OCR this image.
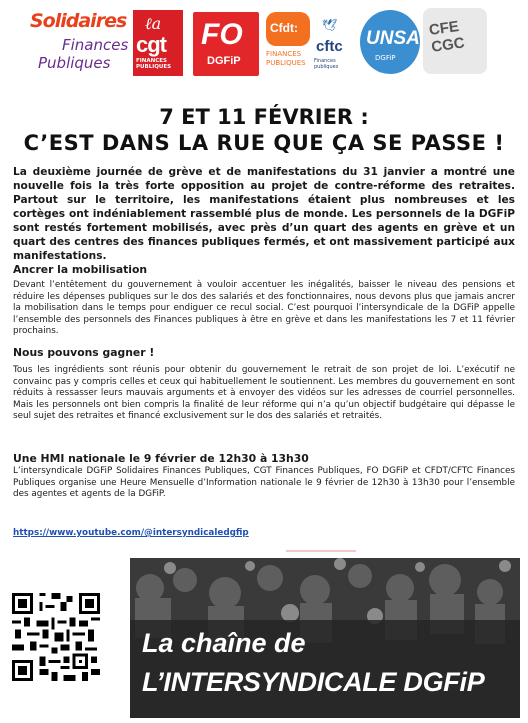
Solidaires
Finances
Publiques
ℓa
cgt
FINANCES PUBLIQUES
FO
DGFiP
Cfdt:
FINANCES PUBLIQUES
🕊
cftc
Finances publiques
UNSA
DGFiP
CFE CGC
7 ET 11 FÉVRIER :
C’EST DANS LA RUE QUE ÇA SE PASSE !

La deuxième journée de grève et de manifestations du 31 janvier a montré une nouvelle fois la très forte opposition au projet de contre-réforme des retraites. Partout sur le territoire, les manifestations étaient plus nombreuses et les cortèges ont indéniablement rassemblé plus de monde. Les personnels de la DGFiP sont restés fortement mobilisés, avec près d’un quart des agents en grève et un quart des centres des finances publiques fermés, et ont massivement participé aux manifestations.

Ancrer la mobilisation

Devant l’entêtement du gouvernement à vouloir accentuer les inégalités, baisser le niveau des pensions et réduire les dépenses publiques sur le dos des salariés et des fonctionnaires, nous devons plus que jamais ancrer la mobilisation dans le temps pour endiguer ce recul social. C’est pourquoi l’intersyndicale de la DGFiP appelle l’ensemble des personnels des Finances publiques à être en grève et dans les manifestations les 7 et 11 février prochains.

Nous pouvons gagner !

Tous les ingrédients sont réunis pour obtenir du gouvernement le retrait de son projet de loi. L’exécutif ne convainc pas y compris celles et ceux qui habituellement le soutiennent. Les membres du gouvernement en sont réduits à ressasser leurs mauvais arguments et à envoyer des vidéos sur les adresses de courriel personnelles. Mais les personnels ont bien compris la finalité de leur réforme qui n’a qu’un objectif budgétaire qui dépasse le seul sujet des retraites et financé exclusivement sur le dos des salariés et retraités.

Une HMI nationale le 9 février de 12h30 à 13h30

L’intersyndicale DGFiP Solidaires Finances Publiques, CGT Finances Publiques, FO DGFiP et CFDT/CFTC Finances Publiques organise une Heure Mensuelle d’Information nationale le 9 février de 12h30 à 13h30 pour l’ensemble des agentes et agents de la DGFiP.

https://www.youtube.com/@intersyndicaledgfip
La chaîne de
L’INTERSYNDICALE DGFiP
